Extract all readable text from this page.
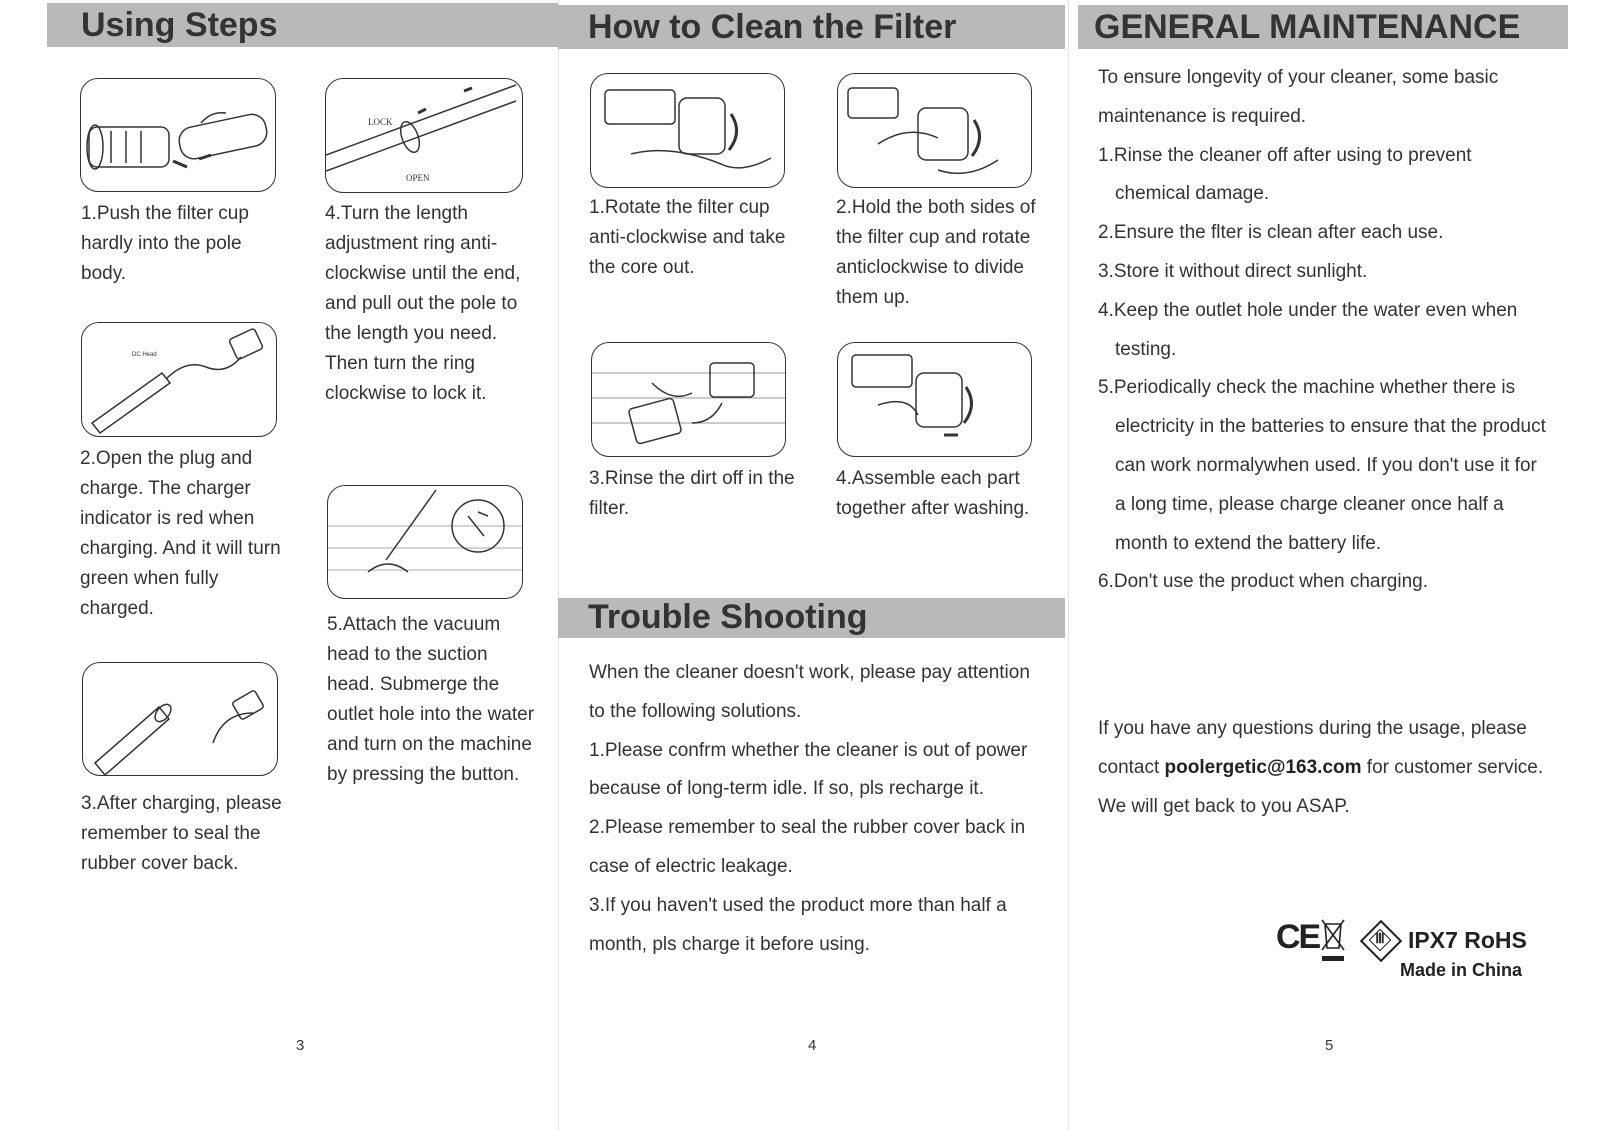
Using Steps

1.Push the filter cup hardly into the pole body.

DC Head

2.Open the plug and charge. The charger indicator is red when charging. And it will turn green when fully charged.

3.After charging, please remember to seal the rubber cover back.

LOCK
OPEN

4.Turn the length adjustment ring anti-clockwise until the end, and pull out the pole to the length you need. Then turn the ring clockwise to lock it.

5.Attach the vacuum head to the suction head. Submerge the outlet hole into the water and turn on the machine by pressing the button.

3
How to Clean the Filter

1.Rotate the filter cup anti-clockwise and take the core out.

2.Hold the both sides of the filter cup and rotate anticlockwise to divide them up.

3.Rinse the dirt off in the filter.

4.Assemble each part together after washing.

Trouble Shooting

When the cleaner doesn't work, please pay attention to the following solutions.

1.Please confrm whether the cleaner is out of power because of long-term idle. If so, pls recharge it.

2.Please remember to seal the rubber cover back in case of electric leakage.

3.If you haven't used the product more than half a month, pls charge it before using.

4
GENERAL MAINTENANCE

To ensure longevity of your cleaner, some basic maintenance is required.

1.Rinse the cleaner off after using to prevent chemical damage.

2.Ensure the flter is clean after each use.

3.Store it without direct sunlight.

4.Keep the outlet hole under the water even when testing.

5.Periodically check the machine whether there is electricity in the batteries to ensure that the product can work normalywhen used. If you don't use it for a long time, please charge cleaner once half a month to extend the battery life.

6.Don't use the product when charging.

If you have any questions during the usage, please contact poolergetic@163.com for customer service.

We will get back to you ASAP.

CE	Ⅲ	IPX7 RoHS
Made in China
5
